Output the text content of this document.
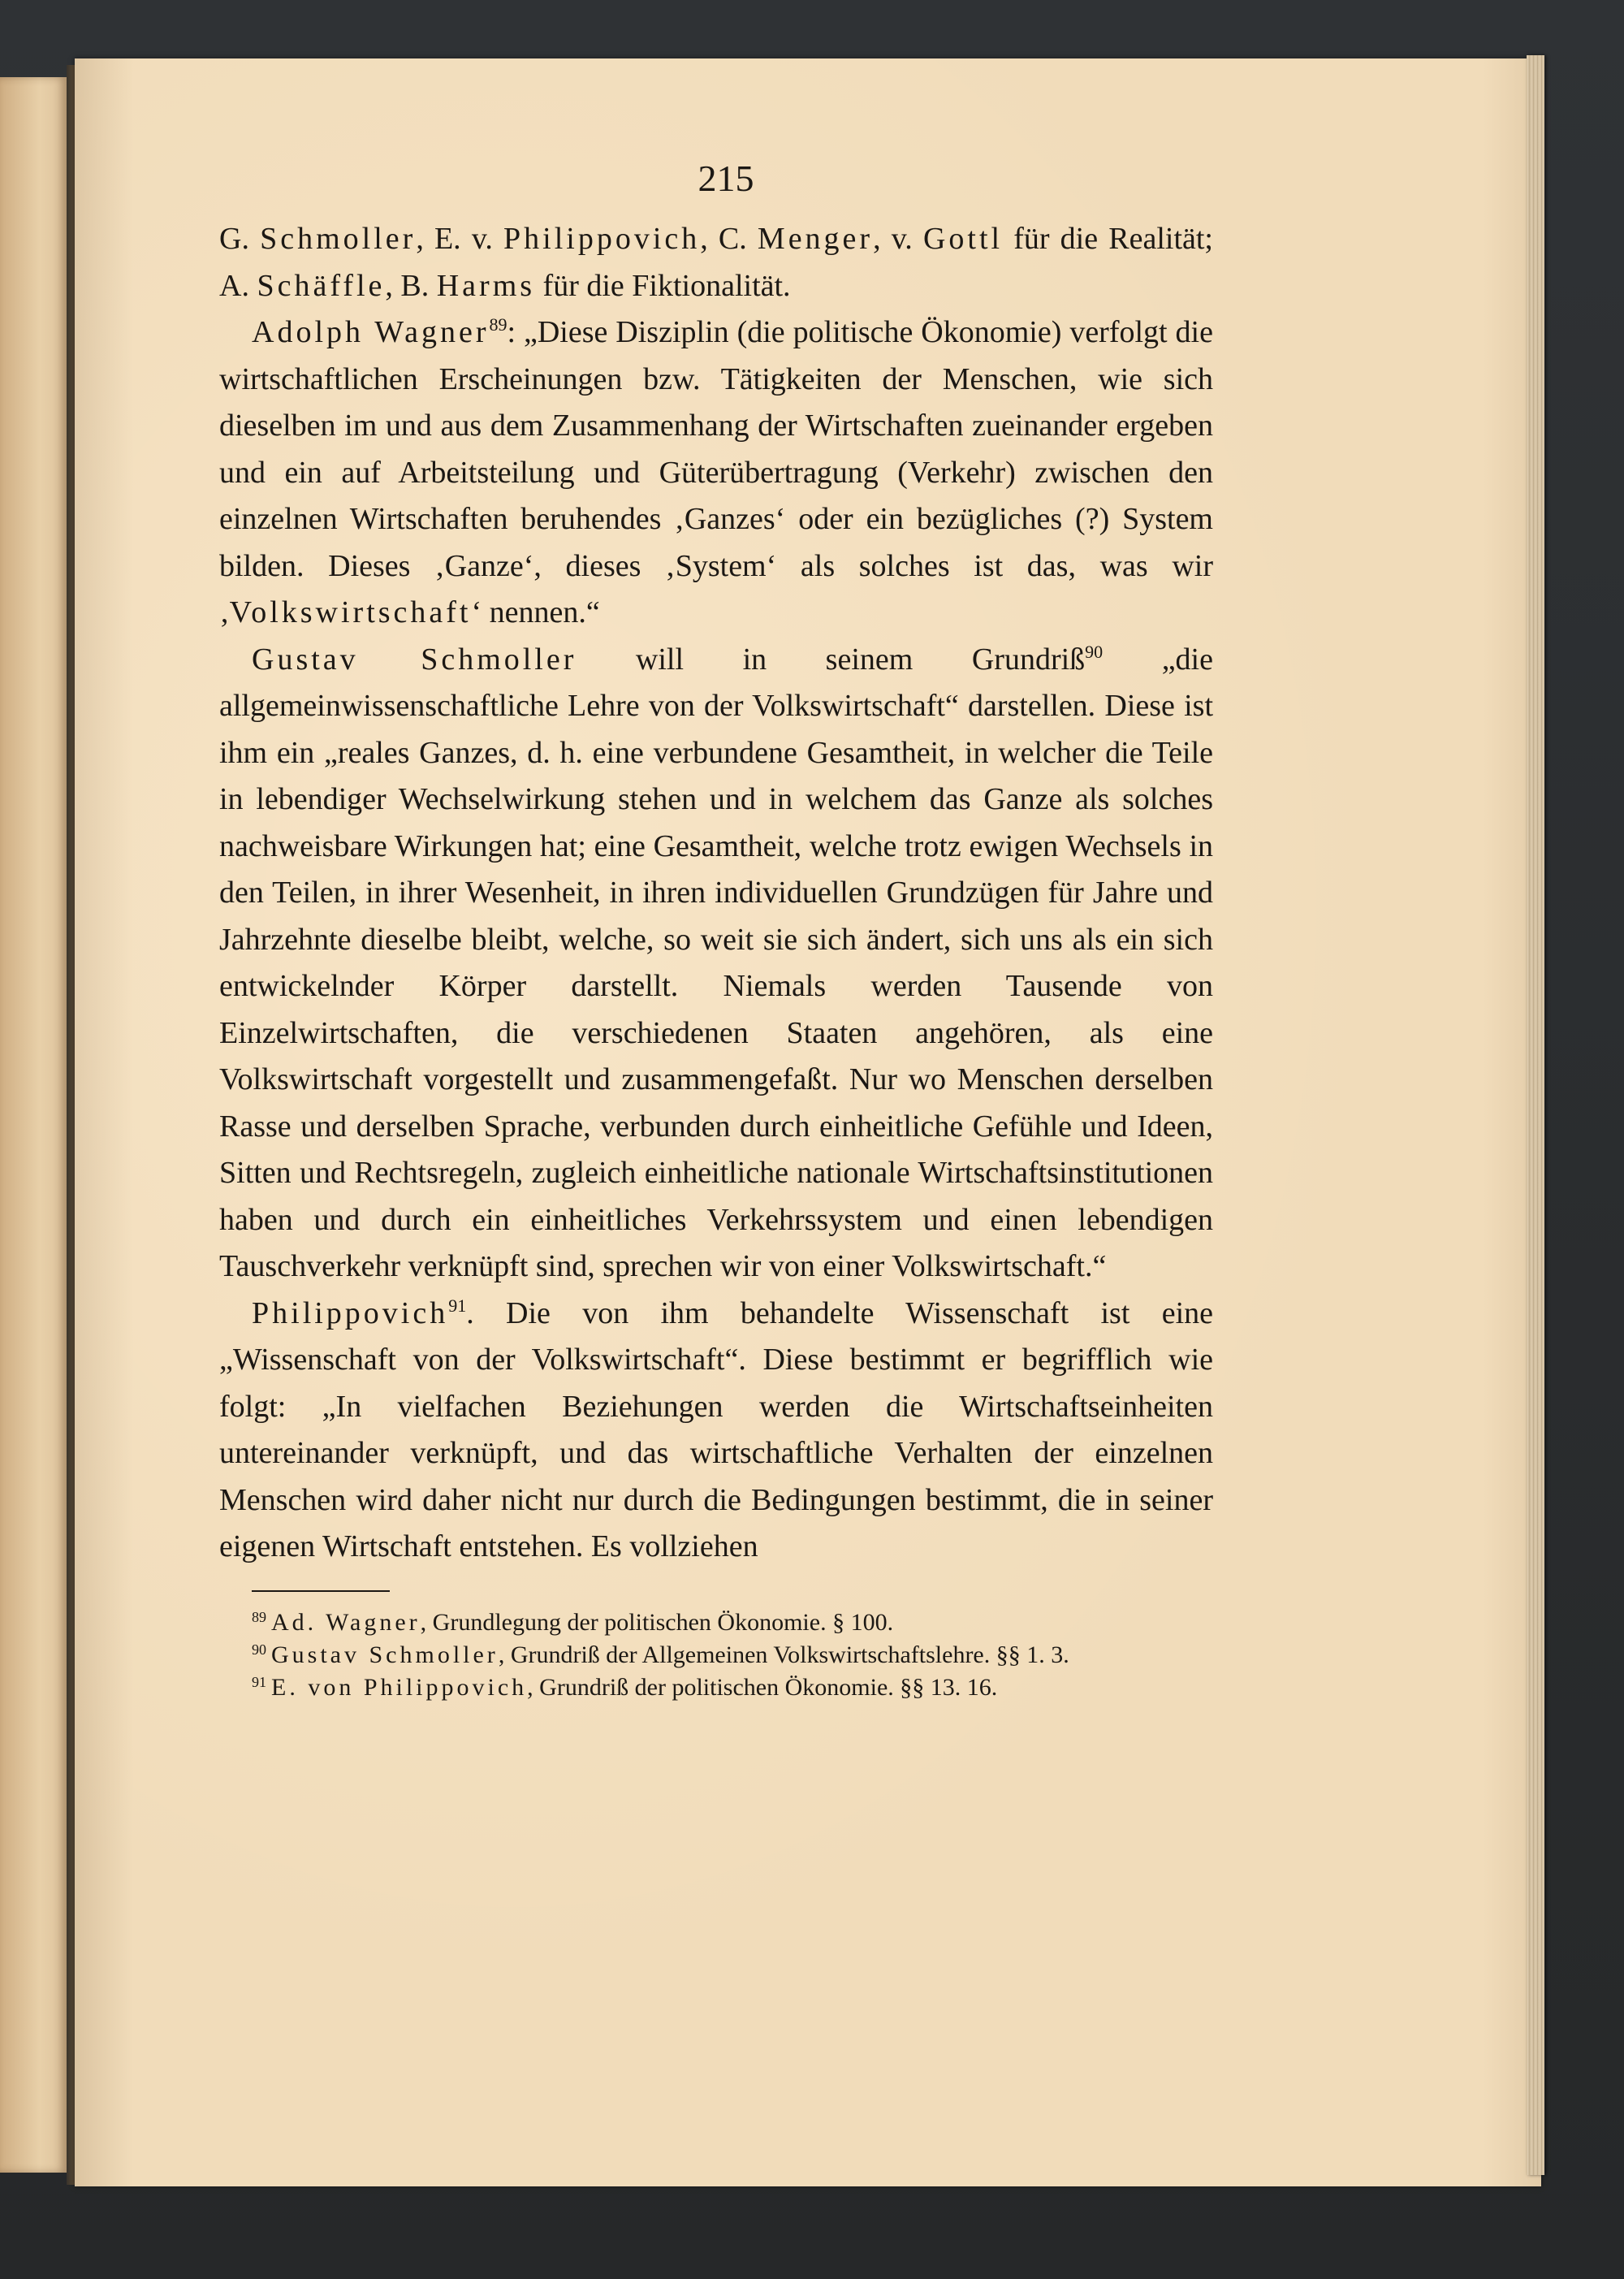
215

G. Schmoller, E. v. Philippovich, C. Menger, v. Gottl für die Realität; A. Schäffle, B. Harms für die Fiktionalität.

Adolph Wagner$^{89}$: „Diese Disziplin (die politische Ökonomie) verfolgt die wirtschaftlichen Erscheinungen bzw. Tätigkeiten der Menschen, wie sich dieselben im und aus dem Zusammenhang der Wirtschaften zueinander ergeben und ein auf Arbeitsteilung und Güterübertragung (Verkehr) zwischen den einzelnen Wirtschaften beruhendes ‚Ganzes‘ oder ein bezügliches (?) System bilden. Dieses ‚Ganze‘, dieses ‚System‘ als solches ist das, was wir ‚Volkswirtschaft‘ nennen.“

Gustav Schmoller will in seinem Grundriß$^{90}$ „die allgemeinwissenschaftliche Lehre von der Volkswirtschaft“ darstellen. Diese ist ihm ein „reales Ganzes, d. h. eine verbundene Gesamtheit, in welcher die Teile in lebendiger Wechselwirkung stehen und in welchem das Ganze als solches nachweisbare Wirkungen hat; eine Gesamtheit, welche trotz ewigen Wechsels in den Teilen, in ihrer Wesenheit, in ihren individuellen Grundzügen für Jahre und Jahrzehnte dieselbe bleibt, welche, so weit sie sich ändert, sich uns als ein sich entwickelnder Körper darstellt. Niemals werden Tausende von Einzelwirtschaften, die verschiedenen Staaten angehören, als eine Volkswirtschaft vorgestellt und zusammengefaßt. Nur wo Menschen derselben Rasse und derselben Sprache, verbunden durch einheitliche Gefühle und Ideen, Sitten und Rechtsregeln, zugleich einheitliche nationale Wirtschaftsinstitutionen haben und durch ein einheitliches Verkehrssystem und einen lebendigen Tauschverkehr verknüpft sind, sprechen wir von einer Volkswirtschaft.“

Philippovich$^{91}$. Die von ihm behandelte Wissenschaft ist eine „Wissenschaft von der Volkswirtschaft“. Diese bestimmt er begrifflich wie folgt: „In vielfachen Beziehungen werden die Wirtschaftseinheiten untereinander verknüpft, und das wirtschaftliche Verhalten der einzelnen Menschen wird daher nicht nur durch die Bedingungen bestimmt, die in seiner eigenen Wirtschaft entstehen. Es vollziehen

$^{89}$ Ad. Wagner, Grundlegung der politischen Ökonomie. § 100.

$^{90}$ Gustav Schmoller, Grundriß der Allgemeinen Volkswirtschaftslehre. §§ 1. 3.

$^{91}$ E. von Philippovich, Grundriß der politischen Ökonomie. §§ 13. 16.
